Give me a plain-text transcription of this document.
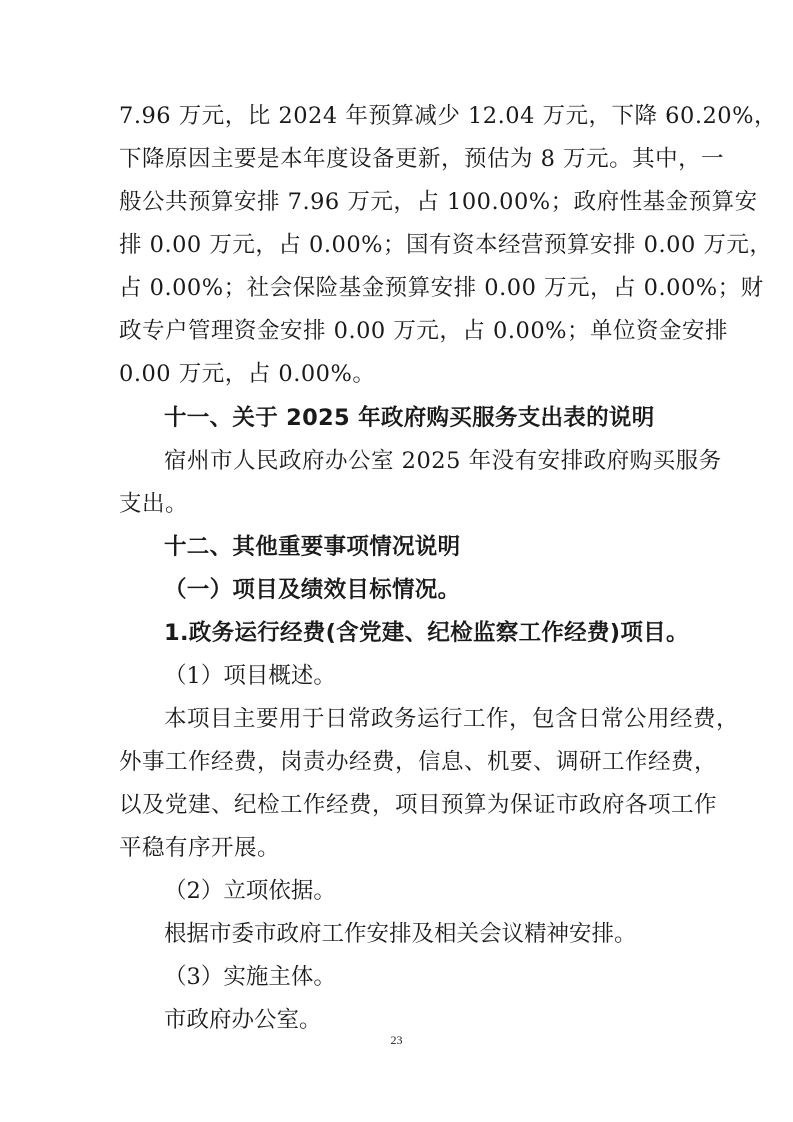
7.96 万元，比 2024 年预算减少 12.04 万元，下降 60.20%，
下降原因主要是本年度设备更新，预估为 8 万元。其中，一
般公共预算安排 7.96 万元，占 100.00%；政府性基金预算安
排 0.00 万元，占 0.00%；国有资本经营预算安排 0.00 万元，
占 0.00%；社会保险基金预算安排 0.00 万元，占 0.00%；财
政专户管理资金安排 0.00 万元，占 0.00%；单位资金安排
0.00 万元，占 0.00%。
十一、关于 2025 年政府购买服务支出表的说明
宿州市人民政府办公室 2025 年没有安排政府购买服务
支出。
十二、其他重要事项情况说明
（一）项目及绩效目标情况。
1.政务运行经费(含党建、纪检监察工作经费)项目。
（1）项目概述。
本项目主要用于日常政务运行工作，包含日常公用经费，
外事工作经费，岗责办经费，信息、机要、调研工作经费，
以及党建、纪检工作经费，项目预算为保证市政府各项工作
平稳有序开展。
（2）立项依据。
根据市委市政府工作安排及相关会议精神安排。
（3）实施主体。
市政府办公室。
23
